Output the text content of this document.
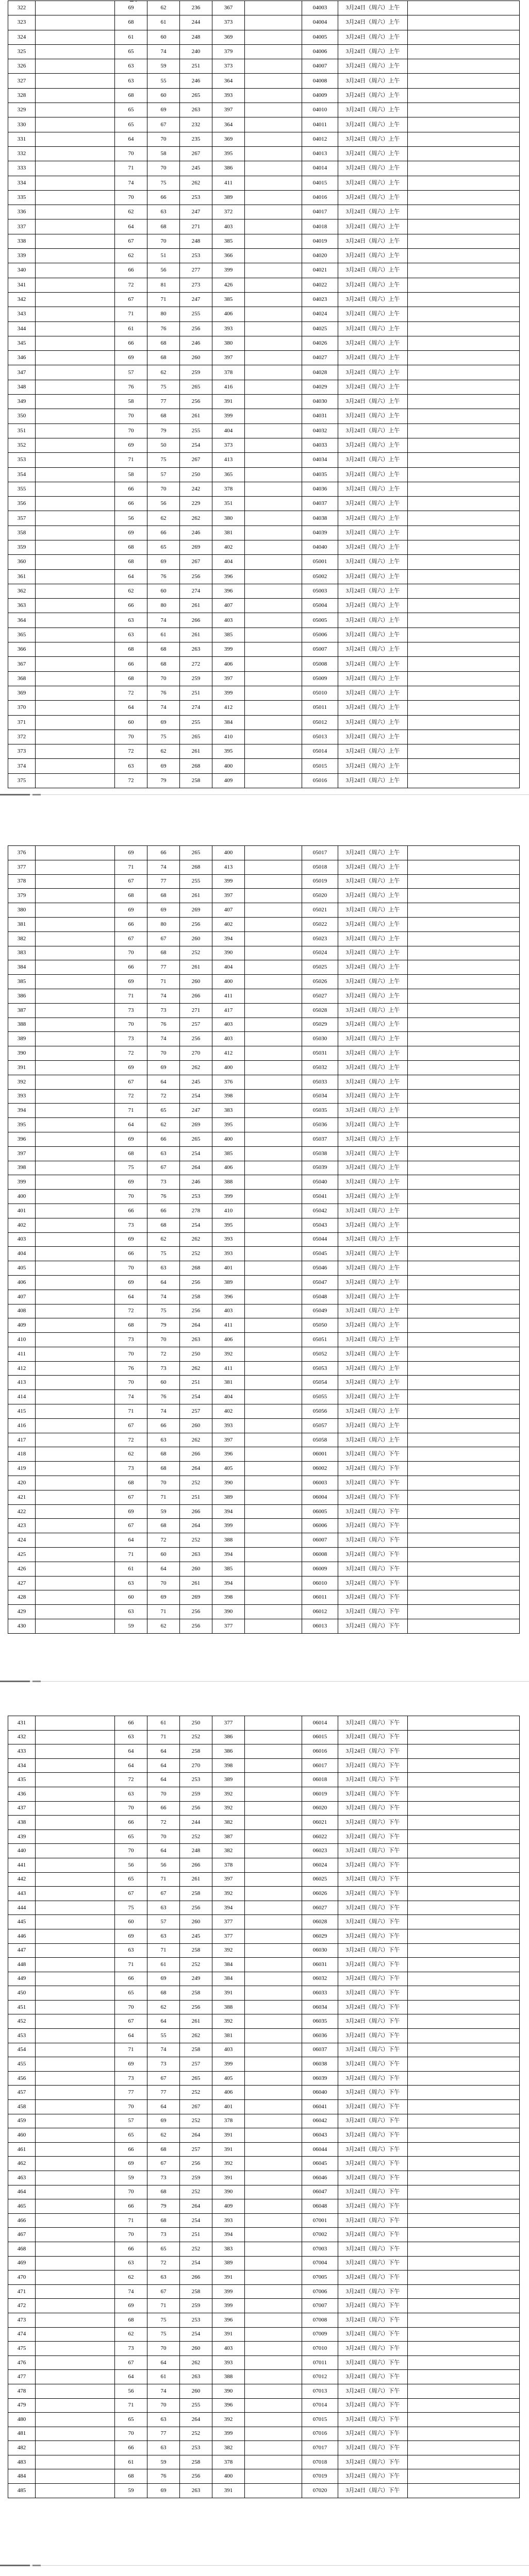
322	69	62	236	367	04003	3月24日（周六）上午
323	68	61	244	373	04004	3月24日（周六）上午
324	61	60	248	369	04005	3月24日（周六）上午
325	65	74	240	379	04006	3月24日（周六）上午
326	63	59	251	373	04007	3月24日（周六）上午
327	63	55	246	364	04008	3月24日（周六）上午
328	68	60	265	393	04009	3月24日（周六）上午
329	65	69	263	397	04010	3月24日（周六）上午
330	65	67	232	364	04011	3月24日（周六）上午
331	64	70	235	369	04012	3月24日（周六）上午
332	70	58	267	395	04013	3月24日（周六）上午
333	71	70	245	386	04014	3月24日（周六）上午
334	74	75	262	411	04015	3月24日（周六）上午
335	70	66	253	389	04016	3月24日（周六）上午
336	62	63	247	372	04017	3月24日（周六）上午
337	64	68	271	403	04018	3月24日（周六）上午
338	67	70	248	385	04019	3月24日（周六）上午
339	62	51	253	366	04020	3月24日（周六）上午
340	66	56	277	399	04021	3月24日（周六）上午
341	72	81	273	426	04022	3月24日（周六）上午
342	67	71	247	385	04023	3月24日（周六）上午
343	71	80	255	406	04024	3月24日（周六）上午
344	61	76	256	393	04025	3月24日（周六）上午
345	66	68	246	380	04026	3月24日（周六）上午
346	69	68	260	397	04027	3月24日（周六）上午
347	57	62	259	378	04028	3月24日（周六）上午
348	76	75	265	416	04029	3月24日（周六）上午
349	58	77	256	391	04030	3月24日（周六）上午
350	70	68	261	399	04031	3月24日（周六）上午
351	70	79	255	404	04032	3月24日（周六）上午
352	69	50	254	373	04033	3月24日（周六）上午
353	71	75	267	413	04034	3月24日（周六）上午
354	58	57	250	365	04035	3月24日（周六）上午
355	66	70	242	378	04036	3月24日（周六）上午
356	66	56	229	351	04037	3月24日（周六）上午
357	56	62	262	380	04038	3月24日（周六）上午
358	69	66	246	381	04039	3月24日（周六）上午
359	68	65	269	402	04040	3月24日（周六）上午
360	68	69	267	404	05001	3月24日（周六）上午
361	64	76	256	396	05002	3月24日（周六）上午
362	62	60	274	396	05003	3月24日（周六）上午
363	66	80	261	407	05004	3月24日（周六）上午
364	63	74	266	403	05005	3月24日（周六）上午
365	63	61	261	385	05006	3月24日（周六）上午
366	68	68	263	399	05007	3月24日（周六）上午
367	66	68	272	406	05008	3月24日（周六）上午
368	68	70	259	397	05009	3月24日（周六）上午
369	72	76	251	399	05010	3月24日（周六）上午
370	64	74	274	412	05011	3月24日（周六）上午
371	60	69	255	384	05012	3月24日（周六）上午
372	70	75	265	410	05013	3月24日（周六）上午
373	72	62	261	395	05014	3月24日（周六）上午
374	63	69	268	400	05015	3月24日（周六）上午
375	72	79	258	409	05016	3月24日（周六）上午
376	69	66	265	400	05017	3月24日（周六）上午
377	71	74	268	413	05018	3月24日（周六）上午
378	67	77	255	399	05019	3月24日（周六）上午
379	68	68	261	397	05020	3月24日（周六）上午
380	69	69	269	407	05021	3月24日（周六）上午
381	66	80	256	402	05022	3月24日（周六）上午
382	67	67	260	394	05023	3月24日（周六）上午
383	70	68	252	390	05024	3月24日（周六）上午
384	66	77	261	404	05025	3月24日（周六）上午
385	69	71	260	400	05026	3月24日（周六）上午
386	71	74	266	411	05027	3月24日（周六）上午
387	73	73	271	417	05028	3月24日（周六）上午
388	70	76	257	403	05029	3月24日（周六）上午
389	73	74	256	403	05030	3月24日（周六）上午
390	72	70	270	412	05031	3月24日（周六）上午
391	69	69	262	400	05032	3月24日（周六）上午
392	67	64	245	376	05033	3月24日（周六）上午
393	72	72	254	398	05034	3月24日（周六）上午
394	71	65	247	383	05035	3月24日（周六）上午
395	64	62	269	395	05036	3月24日（周六）上午
396	69	66	265	400	05037	3月24日（周六）上午
397	68	63	254	385	05038	3月24日（周六）上午
398	75	67	264	406	05039	3月24日（周六）上午
399	69	73	246	388	05040	3月24日（周六）上午
400	70	76	253	399	05041	3月24日（周六）上午
401	66	66	278	410	05042	3月24日（周六）上午
402	73	68	254	395	05043	3月24日（周六）上午
403	69	62	262	393	05044	3月24日（周六）上午
404	66	75	252	393	05045	3月24日（周六）上午
405	70	63	268	401	05046	3月24日（周六）上午
406	69	64	256	389	05047	3月24日（周六）上午
407	64	74	258	396	05048	3月24日（周六）上午
408	72	75	256	403	05049	3月24日（周六）上午
409	68	79	264	411	05050	3月24日（周六）上午
410	73	70	263	406	05051	3月24日（周六）上午
411	70	72	250	392	05052	3月24日（周六）上午
412	76	73	262	411	05053	3月24日（周六）上午
413	70	60	251	381	05054	3月24日（周六）上午
414	74	76	254	404	05055	3月24日（周六）上午
415	71	74	257	402	05056	3月24日（周六）上午
416	67	66	260	393	05057	3月24日（周六）上午
417	72	63	262	397	05058	3月24日（周六）上午
418	62	68	266	396	06001	3月24日（周六）下午
419	73	68	264	405	06002	3月24日（周六）下午
420	68	70	252	390	06003	3月24日（周六）下午
421	67	71	251	389	06004	3月24日（周六）下午
422	69	59	266	394	06005	3月24日（周六）下午
423	67	68	264	399	06006	3月24日（周六）下午
424	64	72	252	388	06007	3月24日（周六）下午
425	71	60	263	394	06008	3月24日（周六）下午
426	61	64	260	385	06009	3月24日（周六）下午
427	63	70	261	394	06010	3月24日（周六）下午
428	60	69	269	398	06011	3月24日（周六）下午
429	63	71	256	390	06012	3月24日（周六）下午
430	59	62	256	377	06013	3月24日（周六）下午
431	66	61	250	377	06014	3月24日（周六）下午
432	63	71	252	386	06015	3月24日（周六）下午
433	64	64	258	386	06016	3月24日（周六）下午
434	64	64	270	398	06017	3月24日（周六）下午
435	72	64	253	389	06018	3月24日（周六）下午
436	63	70	259	392	06019	3月24日（周六）下午
437	70	66	256	392	06020	3月24日（周六）下午
438	66	72	244	382	06021	3月24日（周六）下午
439	65	70	252	387	06022	3月24日（周六）下午
440	70	64	248	382	06023	3月24日（周六）下午
441	56	56	266	378	06024	3月24日（周六）下午
442	65	71	261	397	06025	3月24日（周六）下午
443	67	67	258	392	06026	3月24日（周六）下午
444	75	63	256	394	06027	3月24日（周六）下午
445	60	57	260	377	06028	3月24日（周六）下午
446	69	63	245	377	06029	3月24日（周六）下午
447	63	71	258	392	06030	3月24日（周六）下午
448	71	61	252	384	06031	3月24日（周六）下午
449	66	69	249	384	06032	3月24日（周六）下午
450	65	68	258	391	06033	3月24日（周六）下午
451	70	62	256	388	06034	3月24日（周六）下午
452	67	64	261	392	06035	3月24日（周六）下午
453	64	55	262	381	06036	3月24日（周六）下午
454	71	74	258	403	06037	3月24日（周六）下午
455	69	73	257	399	06038	3月24日（周六）下午
456	73	67	265	405	06039	3月24日（周六）下午
457	77	77	252	406	06040	3月24日（周六）下午
458	70	64	267	401	06041	3月24日（周六）下午
459	57	69	252	378	06042	3月24日（周六）下午
460	65	62	264	391	06043	3月24日（周六）下午
461	66	68	257	391	06044	3月24日（周六）下午
462	69	67	256	392	06045	3月24日（周六）下午
463	59	73	259	391	06046	3月24日（周六）下午
464	70	68	252	390	06047	3月24日（周六）下午
465	66	79	264	409	06048	3月24日（周六）下午
466	71	68	254	393	07001	3月24日（周六）下午
467	70	73	251	394	07002	3月24日（周六）下午
468	66	65	252	383	07003	3月24日（周六）下午
469	63	72	254	389	07004	3月24日（周六）下午
470	62	63	266	391	07005	3月24日（周六）下午
471	74	67	258	399	07006	3月24日（周六）下午
472	69	71	259	399	07007	3月24日（周六）下午
473	68	75	253	396	07008	3月24日（周六）下午
474	62	75	254	391	07009	3月24日（周六）下午
475	73	70	260	403	07010	3月24日（周六）下午
476	67	64	262	393	07011	3月24日（周六）下午
477	64	61	263	388	07012	3月24日（周六）下午
478	56	74	260	390	07013	3月24日（周六）下午
479	71	70	255	396	07014	3月24日（周六）下午
480	65	63	264	392	07015	3月24日（周六）下午
481	70	77	252	399	07016	3月24日（周六）下午
482	66	63	253	382	07017	3月24日（周六）下午
483	61	59	258	378	07018	3月24日（周六）下午
484	68	76	256	400	07019	3月24日（周六）下午
485	59	69	263	391	07020	3月24日（周六）下午
